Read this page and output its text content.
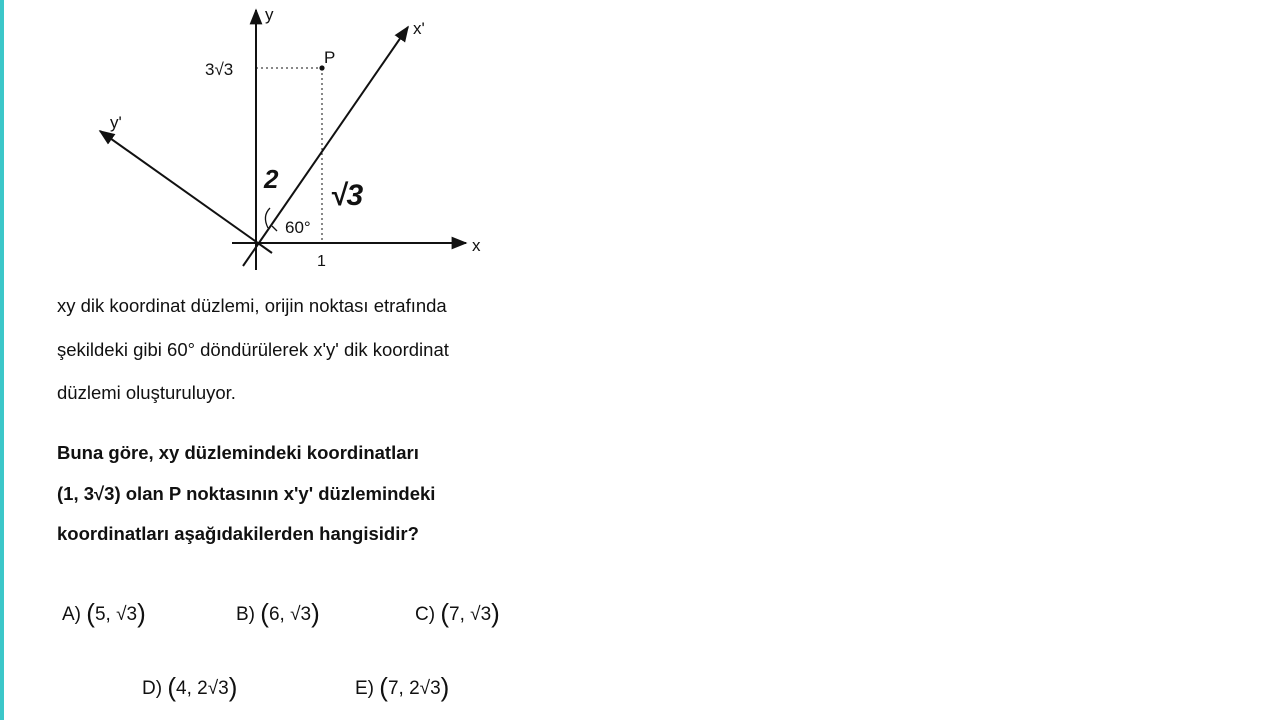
y
x
x'
y'
P
3√3
1
60°
2 √3
xy dik koordinat düzlemi, orijin noktası etrafında
şekildeki gibi 60° döndürülerek x'y' dik koordinat
düzlemi oluşturuluyor.
Buna göre, xy düzlemindeki koordinatları
(1, 3√3) olan P noktasının x'y' düzlemindeki
koordinatları aşağıdakilerden hangisidir?
A) (5, √3)	B) (6, √3)	C) (7, √3)
D) (4, 2√3)	E) (7, 2√3)
